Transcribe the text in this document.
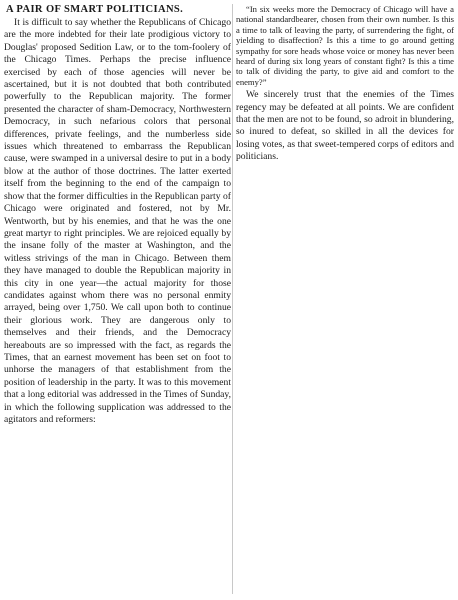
A PAIR OF SMART POLITICIANS.

It is difficult to say whether the Republicans of Chicago are the more indebted for their late prodigious victory to Douglas' proposed Sedition Law, or to the tom-foolery of the Chicago Times. Perhaps the precise influence exercised by each of those agencies will never be ascertained, but it is not doubted that both contributed powerfully to the Republican majority. The former presented the character of sham-Democracy, Northwestern Democracy, in such nefarious colors that personal differences, private feelings, and the numberless side issues which threatened to embarrass the Republican cause, were swamped in a universal desire to put in a body blow at the author of those doctrines. The latter exerted itself from the beginning to the end of the campaign to show that the former difficulties in the Republican party of Chicago were originated and fostered, not by Mr. Wentworth, but by his enemies, and that he was the one great martyr to right principles. We are rejoiced equally by the insane folly of the master at Washington, and the witless strivings of the man in Chicago. Between them they have managed to double the Republican majority in this city in one year—the actual majority for those candidates against whom there was no personal enmity arrayed, being over 1,750. We call upon both to continue their glorious work. They are dangerous only to themselves and their friends, and the Democracy hereabouts are so impressed with the fact, as regards the Times, that an earnest movement has been set on foot to unhorse the managers of that establishment from the position of leadership in the party. It was to this movement that a long editorial was addressed in the Times of Sunday, in which the following supplication was addressed to the agitators and reformers:

“In six weeks more the Democracy of Chicago will have a national standardbearer, chosen from their own number. Is this a time to talk of leaving the party, of surrendering the fight, of yielding to disaffection? Is this a time to go around getting sympathy for sore heads whose voice or money has never been heard of during six long years of constant fight? Is this a time to talk of dividing the party, to give aid and comfort to the enemy?”

We sincerely trust that the enemies of the Times regency may be defeated at all points. We are confident that the men are not to be found, so adroit in blundering, so inured to defeat, so skilled in all the devices for losing votes, as that sweet-tempered corps of editors and politicians.
